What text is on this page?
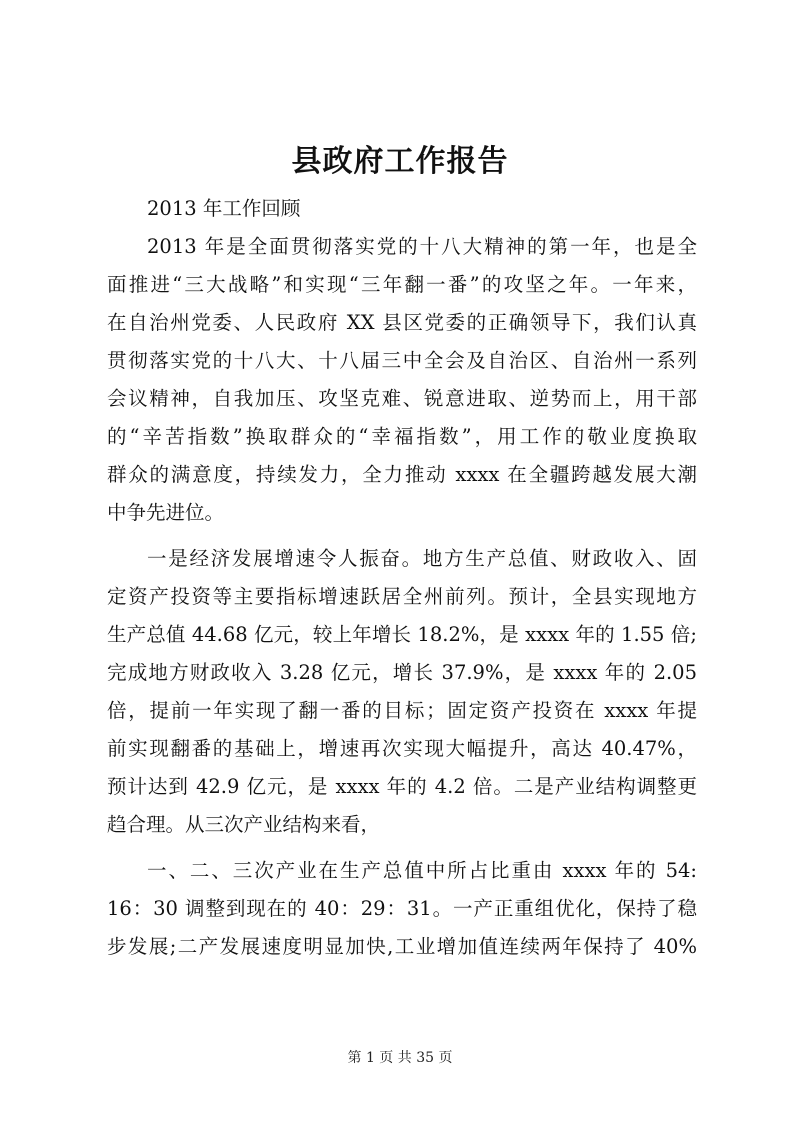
县政府工作报告

2013 年工作回顾

2013 年是全面贯彻落实党的十八大精神的第一年，也是全
面推进“三大战略”和实现“三年翻一番”的攻坚之年。一年来，
在自治州党委、人民政府 XX 县区党委的正确领导下，我们认真
贯彻落实党的十八大、十八届三中全会及自治区、自治州一系列
会议精神，自我加压、攻坚克难、锐意进取、逆势而上，用干部
的“辛苦指数”换取群众的“幸福指数”，用工作的敬业度换取
群众的满意度，持续发力，全力推动 xxxx 在全疆跨越发展大潮
中争先进位。

一是经济发展增速令人振奋。地方生产总值、财政收入、固
定资产投资等主要指标增速跃居全州前列。预计，全县实现地方
生产总值 44.68 亿元，较上年增长 18.2%，是 xxxx 年的 1.55 倍;
完成地方财政收入 3.28 亿元，增长 37.9%，是 xxxx 年的 2.05
倍，提前一年实现了翻一番的目标；固定资产投资在 xxxx 年提
前实现翻番的基础上，增速再次实现大幅提升，高达 40.47%，
预计达到 42.9 亿元，是 xxxx 年的 4.2 倍。二是产业结构调整更
趋合理。从三次产业结构来看，

一、二、三次产业在生产总值中所占比重由 xxxx 年的 54:
16：30 调整到现在的 40：29：31。一产正重组优化，保持了稳
步发展;二产发展速度明显加快,工业增加值连续两年保持了 40%

第 1 页 共 35 页
